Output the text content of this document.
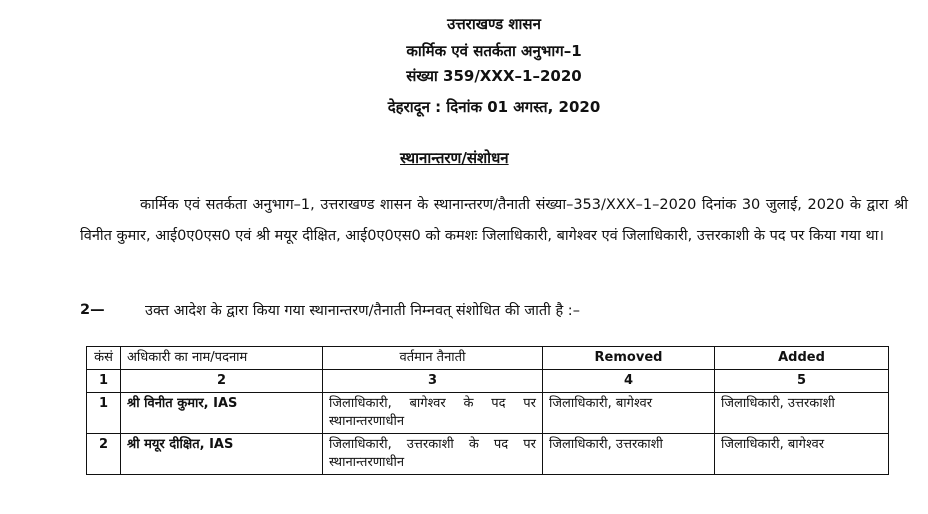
उत्तराखण्ड शासन
कार्मिक एवं सतर्कता अनुभाग–1
संख्या 359/XXX–1–2020
देहरादून : दिनांक 01 अगस्त, 2020
स्थानान्तरण/संशोधन
कार्मिक एवं सतर्कता अनुभाग–1, उत्तराखण्ड शासन के स्थानान्तरण/तैनाती संख्या–353/XXX–1–2020 दिनांक 30 जुलाई, 2020 के द्वारा श्री विनीत कुमार, आई0ए0एस0 एवं श्री मयूर दीक्षित, आई0ए0एस0 को कमशः जिलाधिकारी, बागेश्वर एवं जिलाधिकारी, उत्तरकाशी के पद पर किया गया था।
2—	उक्त आदेश के द्वारा किया गया स्थानान्तरण/तैनाती निम्नवत् संशोधित की जाती है :–
कंसं	अधिकारी का नाम/पदनाम	वर्तमान तैनाती	Removed	Added
1	2	3	4	5
1	श्री विनीत कुमार, IAS	जिलाधिकारी, बागेश्वर के पद पर स्थानान्तरणाधीन	जिलाधिकारी, बागेश्वर	जिलाधिकारी, उत्तरकाशी
2	श्री मयूर दीक्षित, IAS	जिलाधिकारी, उत्तरकाशी के पद पर स्थानान्तरणाधीन	जिलाधिकारी, उत्तरकाशी	जिलाधिकारी, बागेश्वर
